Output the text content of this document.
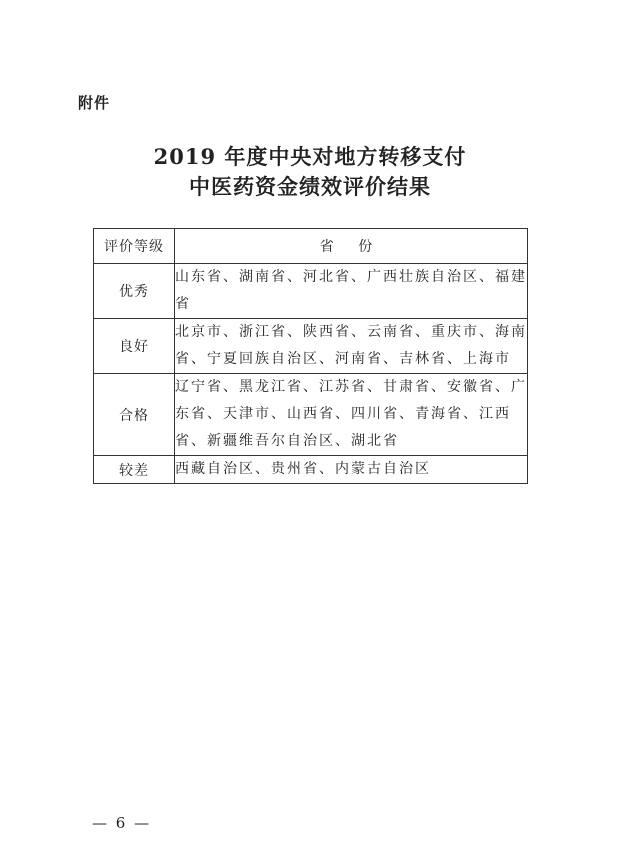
附件
2019 年度中央对地方转移支付
中医药资金绩效评价结果
评价等级	省 份
优秀	山东省、湖南省、河北省、广西壮族自治区、福建省
良好	北京市、浙江省、陕西省、云南省、重庆市、海南省、宁夏回族自治区、河南省、吉林省、上海市
合格	辽宁省、黑龙江省、江苏省、甘肃省、安徽省、广东省、天津市、山西省、四川省、青海省、江西省、新疆维吾尔自治区、湖北省
较差	西藏自治区、贵州省、内蒙古自治区
— 6 —
